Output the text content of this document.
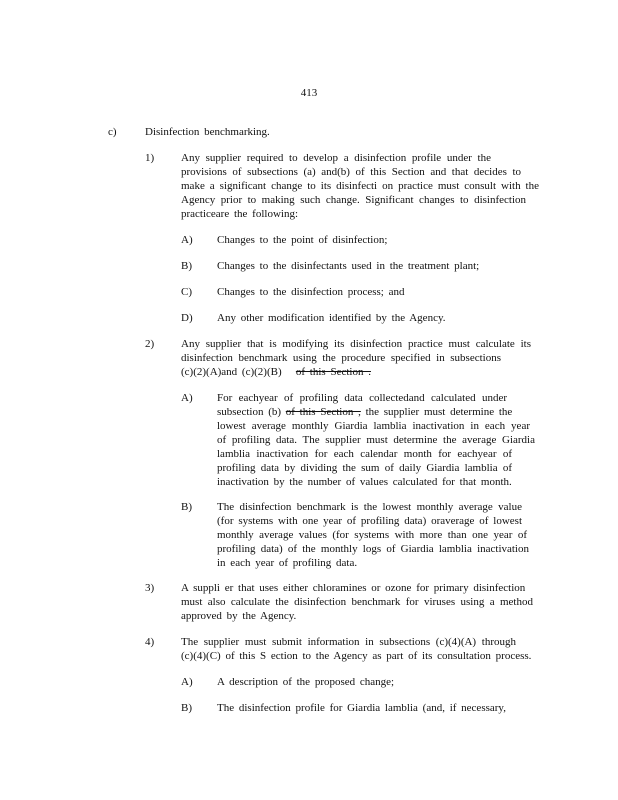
413
c)	Disinfection benchmarking.
1) Any supplier required to develop a disinfection profile under the
provisions of subsections (a) and(b) of this Section and that decides to
make a significant change to its disinfecti on practice must consult with the
Agency prior to making such change. Significant changes to disinfection
practiceare the following:
A) Changes to the point of disinfection;
B) Changes to the disinfectants used in the treatment plant;
C) Changes to the disinfection process; and
D) Any other modification identified by the Agency.
2) Any supplier that is modifying its disinfection practice must calculate its
disinfection benchmark using the procedure specified in subsections
(c)(2)(A)and (c)(2)(B) of this Section .
A) For eachyear of profiling data collectedand calculated under
subsection (b) of this Section , the supplier must determine the
lowest average monthly Giardia lamblia inactivation in each year
of profiling data. The supplier must determine the average Giardia
lamblia inactivation for each calendar month for eachyear of
profiling data by dividing the sum of daily Giardia lamblia of
inactivation by the number of values calculated for that month.
B) The disinfection benchmark is the lowest monthly average value
(for systems with one year of profiling data) oraverage of lowest
monthly average values (for systems with more than one year of
profiling data) of the monthly logs of Giardia lamblia inactivation
in each year of profiling data.
3) A suppli er that uses either chloramines or ozone for primary disinfection
must also calculate the disinfection benchmark for viruses using a method
approved by the Agency.
4) The supplier must submit information in subsections (c)(4)(A) through
(c)(4)(C) of this S ection to the Agency as part of its consultation process.
A) A description of the proposed change;
B) The disinfection profile for Giardia lamblia (and, if necessary,
